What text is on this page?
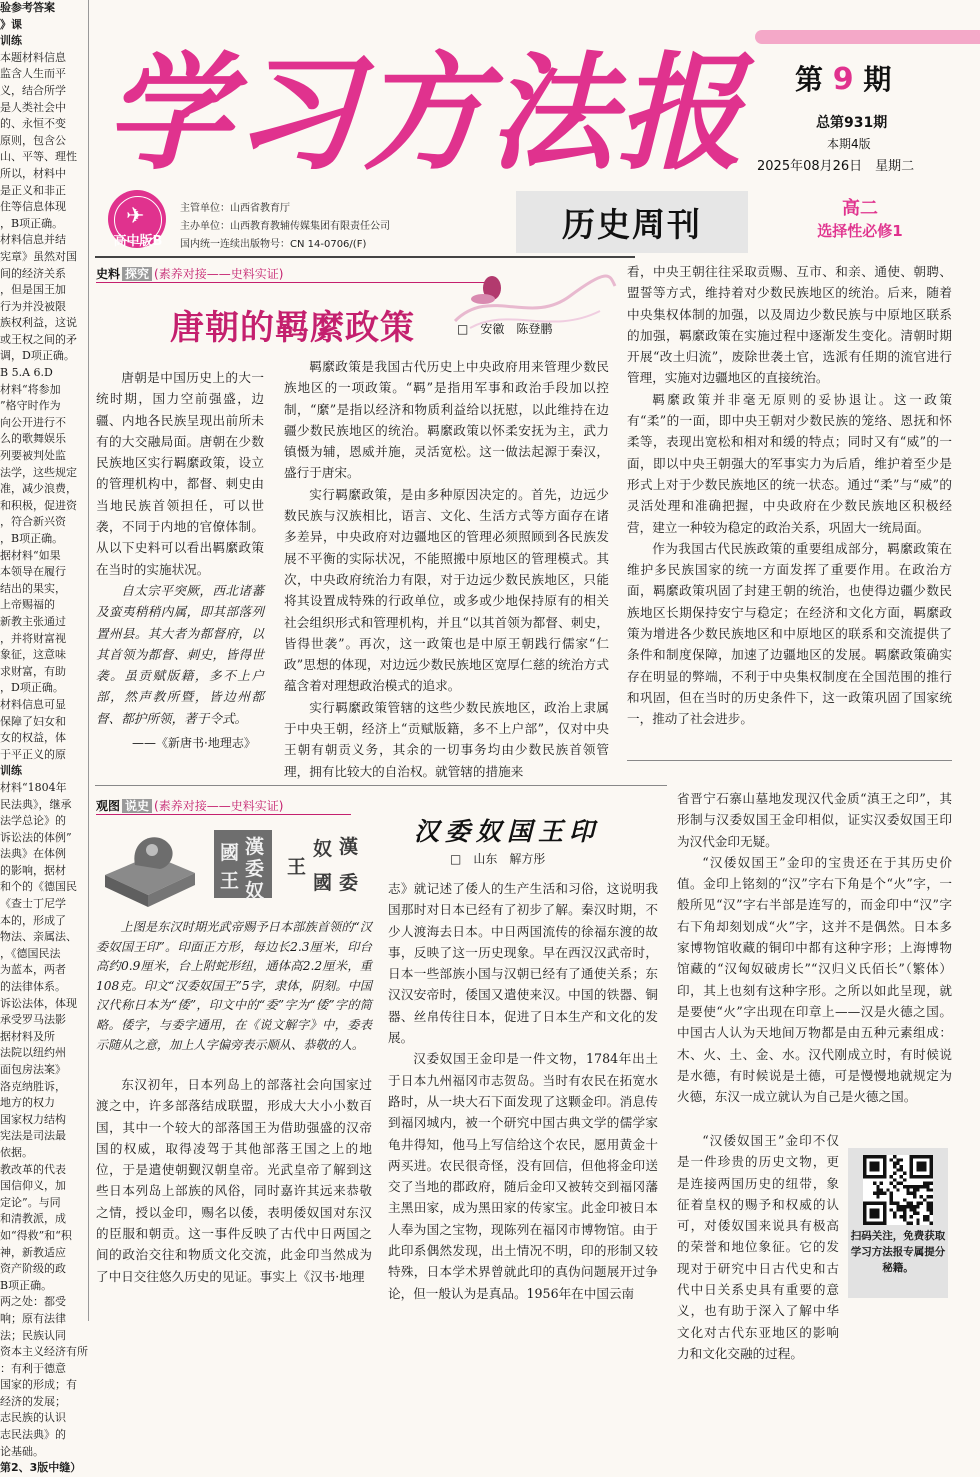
验参考答案

》课

训练

本题材料信息

监含人生而平

义，结合所学

是人类社会中

的、永恒不变

原则，包含公

山、平等、理性

所以，材料中

是正义和非正

住等信息体现

，B项正确。

材料信息并结

宪章》虽然对国

间的经济关系

，但是国王加

行为并没被限

族权利益，这说

或王权之间的矛

调，D项正确。

B 5.A 6.D

材料“将参加

”格守时作为

向公开进行不

么的歌舞娱乐

列要被判处监

法学，这些规定

准，减少浪费，

和积极，促进资

，符合新兴资

，B项正确。

据材料“如果

本领导在履行

结出的果实，

上帝赐福的

新教主张通过

，并将财富视

象征，这意味

求财富，有助

，D项正确。

材料信息可显

保障了妇女和

女的权益，体

于平正义的原

训练

材料“1804年

民法典》，继承

法学总论》的

诉讼法的体例”

法典》在体例

的影响，据材

和个的《德国民

《查士丁尼学

本的，形成了

物法、亲属法、

，《德国民法

为蓝本，两者

的法律体系。

诉讼法体，体现

承受罗马法影

据材料及所

法院以纽约州

面包房法案》

洛克纳胜诉，

地方的权力

国家权力结构

宪法是司法最

依据。

教改革的代表

国信仰义，加

定论”。与同

和清教派，成

如“得救”和“积

神，新教适应

资产阶级的政

B项正确。

两之处：都受

响；原有法律

法；民族认同

资本主义经济有所

：有利于德意

国家的形成；有

经济的发展；

志民族的认识

志民法典》的

论基础。

第2、3版中缝）

学习方法报 第 9 期
总第931期
本期4版
2025年08月26日　星期二
✈
高中版B
主管单位：山西省教育厅
主办单位：山西教育教辅传媒集团有限责任公司
国内统一连续出版物号：CN 14-0706/(F)
历史周刊	高二
选择性必修1
史料 探究 (素养对接——史料实证)
唐朝的羁縻政策	□　安徽　陈登鹏

唐朝是中国历史上的大一统时期，国力空前强盛，边疆、内地各民族呈现出前所未有的大交融局面。唐朝在少数民族地区实行羁縻政策，设立的管理机构中，都督、刺史由当地民族首领担任，可以世袭，不同于内地的官僚体制。从以下史料可以看出羁縻政策在当时的实施状况。

自太宗平突厥，西北诸蕃及蛮夷稍稍内属，即其部落列置州县。其大者为都督府，以其首领为都督、刺史，皆得世袭。虽贡赋版籍，多不上户部，然声教所暨，皆边州都督、都护所领，著于令式。

——《新唐书·地理志》

羁縻政策是我国古代历史上中央政府用来管理少数民族地区的一项政策。“羁”是指用军事和政治手段加以控制，“縻”是指以经济和物质利益给以抚慰，以此维持在边疆少数民族地区的统治。羁縻政策以怀柔安抚为主，武力镇慑为辅，恩威并施，灵活宽松。这一做法起源于秦汉，盛行于唐宋。

实行羁縻政策，是由多种原因决定的。首先，边远少数民族与汉族相比，语言、文化、生活方式等方面存在诸多差异，中央政府对边疆地区的管理必须照顾到各民族发展不平衡的实际状况，不能照搬中原地区的管理模式。其次，中央政府统治力有限，对于边远少数民族地区，只能将其设置成特殊的行政单位，或多或少地保持原有的相关社会组织形式和管理机构，并且“以其首领为都督、刺史，皆得世袭”。再次，这一政策也是中原王朝践行儒家“仁政”思想的体现，对边远少数民族地区宽厚仁慈的统治方式蕴含着对理想政治模式的追求。

实行羁縻政策管辖的这些少数民族地区，政治上隶属于中央王朝，经济上“贡赋版籍，多不上户部”，仅对中央王朝有朝贡义务，其余的一切事务均由少数民族首领管理，拥有比较大的自治权。就管辖的措施来

看，中央王朝往往采取贡赐、互市、和亲、通使、朝聘、盟誓等方式，维持着对少数民族地区的统治。后来，随着中央集权体制的加强，以及周边少数民族与中原地区联系的加强，羁縻政策在实施过程中逐渐发生变化。清朝时期开展“改土归流”，废除世袭土官，选派有任期的流官进行管理，实施对边疆地区的直接统治。

羁縻政策并非毫无原则的妥协退让。这一政策有“柔”的一面，即中央王朝对少数民族的笼络、恩抚和怀柔等，表现出宽松和相对和缓的特点；同时又有“威”的一面，即以中央王朝强大的军事实力为后盾，维护着至少是形式上对于少数民族地区的统一状态。通过“柔”与“威”的灵活处理和准确把握，中央政府在少数民族地区积极经营，建立一种较为稳定的政治关系，巩固大一统局面。

作为我国古代民族政策的重要组成部分，羁縻政策在维护多民族国家的统一方面发挥了重要作用。在政治方面，羁縻政策巩固了封建王朝的统治，也使得边疆少数民族地区长期保持安宁与稳定；在经济和文化方面，羁縻政策为增进各少数民族地区和中原地区的联系和交流提供了条件和制度保障，加速了边疆地区的发展。羁縻政策确实存在明显的弊端，不利于中央集权制度在全国范围的推行和巩固，但在当时的历史条件下，这一政策巩固了国家统一，推动了社会进步。

观图 说史 (素养对接——史料实证)
汉委奴国王印
□　山东　解方彤
漢
委
奴
國
王
漢
委
奴
國
王

上图是东汉时期光武帝赐予日本部族首领的“汉委奴国王印”。印面正方形，每边长2.3厘米，印台高约0.9厘米，台上附蛇形纽，通体高2.2厘米，重108克。印文“汉委奴国王”5字，隶体，阴刻。中国汉代称日本为“倭”，印文中的“委”字为“倭”字的简略。倭字，与委字通用，在《说文解字》中，委表示随从之意，加上人字偏旁表示顺从、恭敬的人。

东汉初年，日本列岛上的部落社会向国家过渡之中，许多部落结成联盟，形成大大小小数百国，其中一个较大的部落国王为借助强盛的汉帝国的权威，取得凌驾于其他部落王国之上的地位，于是遣使朝觐汉朝皇帝。光武皇帝了解到这些日本列岛上部族的风俗，同时嘉许其远来恭敬之情，授以金印，赐名以倭，表明倭奴国对东汉的臣服和朝贡。这一事件反映了古代中日两国之间的政治交往和物质文化交流，此金印当然成为了中日交往悠久历史的见证。事实上《汉书·地理

志》就记述了倭人的生产生活和习俗，这说明我国那时对日本已经有了初步了解。秦汉时期，不少人渡海去日本。中日两国流传的徐福东渡的故事，反映了这一历史现象。早在西汉汉武帝时，日本一些部族小国与汉朝已经有了通使关系；东汉汉安帝时，倭国又遣使来汉。中国的铁器、铜器、丝帛传往日本，促进了日本生产和文化的发展。

汉委奴国王金印是一件文物，1784年出土于日本九州福冈市志贺岛。当时有农民在拓宽水路时，从一块大石下面发现了这颗金印。消息传到福冈城内，被一个研究中国古典文学的儒学家龟井得知，他马上写信给这个农民，愿用黄金十两买进。农民很奇怪，没有回信，但他将金印送交了当地的郡政府，随后金印又被转交到福冈藩主黑田家，成为黑田家的传家宝。此金印被日本人奉为国之宝物，现陈列在福冈市博物馆。由于此印系偶然发现，出土情况不明，印的形制又较特殊，日本学术界曾就此印的真伪问题展开过争论，但一般认为是真品。1956年在中国云南

省晋宁石寨山墓地发现汉代金质“滇王之印”，其形制与汉委奴国王金印相似，证实汉委奴国王印为汉代金印无疑。

“汉倭奴国王”金印的宝贵还在于其历史价值。金印上铭刻的“汉”字右下角是个“火”字，一般所见“汉”字右半部是连写的，而金印中“汉”字右下角却刻划成“火”字，这并不是偶然。日本多家博物馆收藏的铜印中都有这种字形；上海博物馆藏的“汉匈奴破虏长”“汉归义氏佰长”（繁体）印，其上也刻有这种字形。之所以如此呈现，就是要使“火”字出现在印章上——汉是火德之国。中国古人认为天地间万物都是由五种元素组成：木、火、土、金、水。汉代刚成立时，有时候说是水德，有时候说是土德，可是慢慢地就规定为火德，东汉一成立就认为自己是火德之国。

“汉倭奴国王”金印不仅是一件珍贵的历史文物，更是连接两国历史的纽带，象征着皇权的赐予和权威的认可，对倭奴国来说具有极高的荣誉和地位象征。它的发现对于研究中日古代史和古代中日关系史具有重要的意义，也有助于深入了解中华文化对古代东亚地区的影响力和文化交融的过程。

扫码关注，免费获取学习方法报专属提分秘籍。
